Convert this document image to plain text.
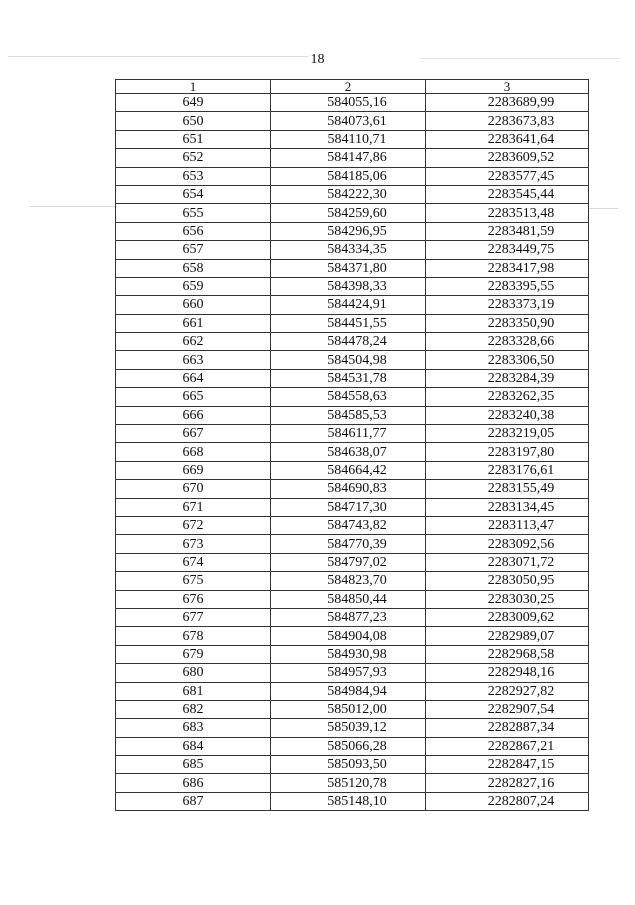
18
1	2	3
649	584055,16	2283689,99
650	584073,61	2283673,83
651	584110,71	2283641,64
652	584147,86	2283609,52
653	584185,06	2283577,45
654	584222,30	2283545,44
655	584259,60	2283513,48
656	584296,95	2283481,59
657	584334,35	2283449,75
658	584371,80	2283417,98
659	584398,33	2283395,55
660	584424,91	2283373,19
661	584451,55	2283350,90
662	584478,24	2283328,66
663	584504,98	2283306,50
664	584531,78	2283284,39
665	584558,63	2283262,35
666	584585,53	2283240,38
667	584611,77	2283219,05
668	584638,07	2283197,80
669	584664,42	2283176,61
670	584690,83	2283155,49
671	584717,30	2283134,45
672	584743,82	2283113,47
673	584770,39	2283092,56
674	584797,02	2283071,72
675	584823,70	2283050,95
676	584850,44	2283030,25
677	584877,23	2283009,62
678	584904,08	2282989,07
679	584930,98	2282968,58
680	584957,93	2282948,16
681	584984,94	2282927,82
682	585012,00	2282907,54
683	585039,12	2282887,34
684	585066,28	2282867,21
685	585093,50	2282847,15
686	585120,78	2282827,16
687	585148,10	2282807,24
